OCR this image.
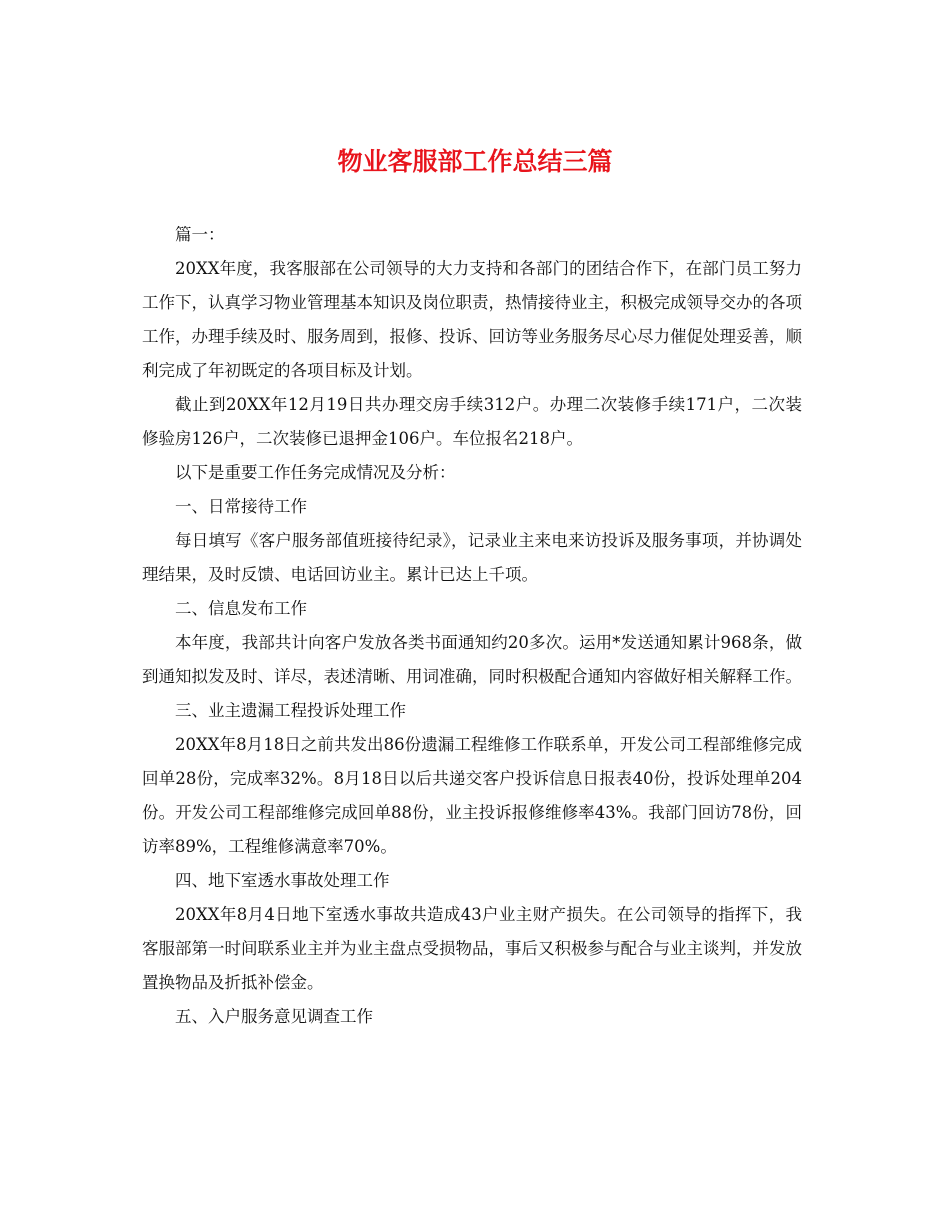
物业客服部工作总结三篇

篇一：

20XX年度，我客服部在公司领导的大力支持和各部门的团结合作下，在部门员工努力工作下，认真学习物业管理基本知识及岗位职责，热情接待业主，积极完成领导交办的各项工作，办理手续及时、服务周到，报修、投诉、回访等业务服务尽心尽力催促处理妥善，顺利完成了年初既定的各项目标及计划。

截止到20XX年12月19日共办理交房手续312户。办理二次装修手续171户，二次装修验房126户，二次装修已退押金106户。车位报名218户。

以下是重要工作任务完成情况及分析：

一、日常接待工作

每日填写《客户服务部值班接待纪录》，记录业主来电来访投诉及服务事项，并协调处理结果，及时反馈、电话回访业主。累计已达上千项。

二、信息发布工作

本年度，我部共计向客户发放各类书面通知约20多次。运用*发送通知累计968条，做到通知拟发及时、详尽，表述清晰、用词准确，同时积极配合通知内容做好相关解释工作。

三、业主遗漏工程投诉处理工作

20XX年8月18日之前共发出86份遗漏工程维修工作联系单，开发公司工程部维修完成回单28份，完成率32%。8月18日以后共递交客户投诉信息日报表40份，投诉处理单204份。开发公司工程部维修完成回单88份，业主投诉报修维修率43%。我部门回访78份，回访率89%，工程维修满意率70%。

四、地下室透水事故处理工作

20XX年8月4日地下室透水事故共造成43户业主财产损失。在公司领导的指挥下，我客服部第一时间联系业主并为业主盘点受损物品，事后又积极参与配合与业主谈判，并发放置换物品及折抵补偿金。

五、入户服务意见调查工作
